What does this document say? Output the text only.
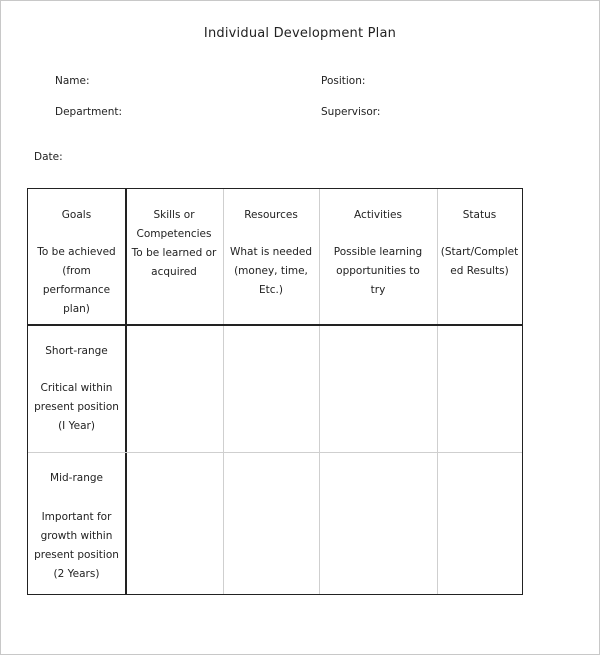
Individual Development Plan
Name:	Position:
Department:	Supervisor:
Date:
Goals
To be achieved
(from
performance
plan)
Skills or
Competencies
To be learned or
acquired
Resources
What is needed
(money, time,
Etc.)
Activities
Possible learning
opportunities to
try
Status
(Start/Complet
ed Results)
Short-range
Critical within
present position
(I Year)
Mid-range
Important for
growth within
present position
(2 Years)
